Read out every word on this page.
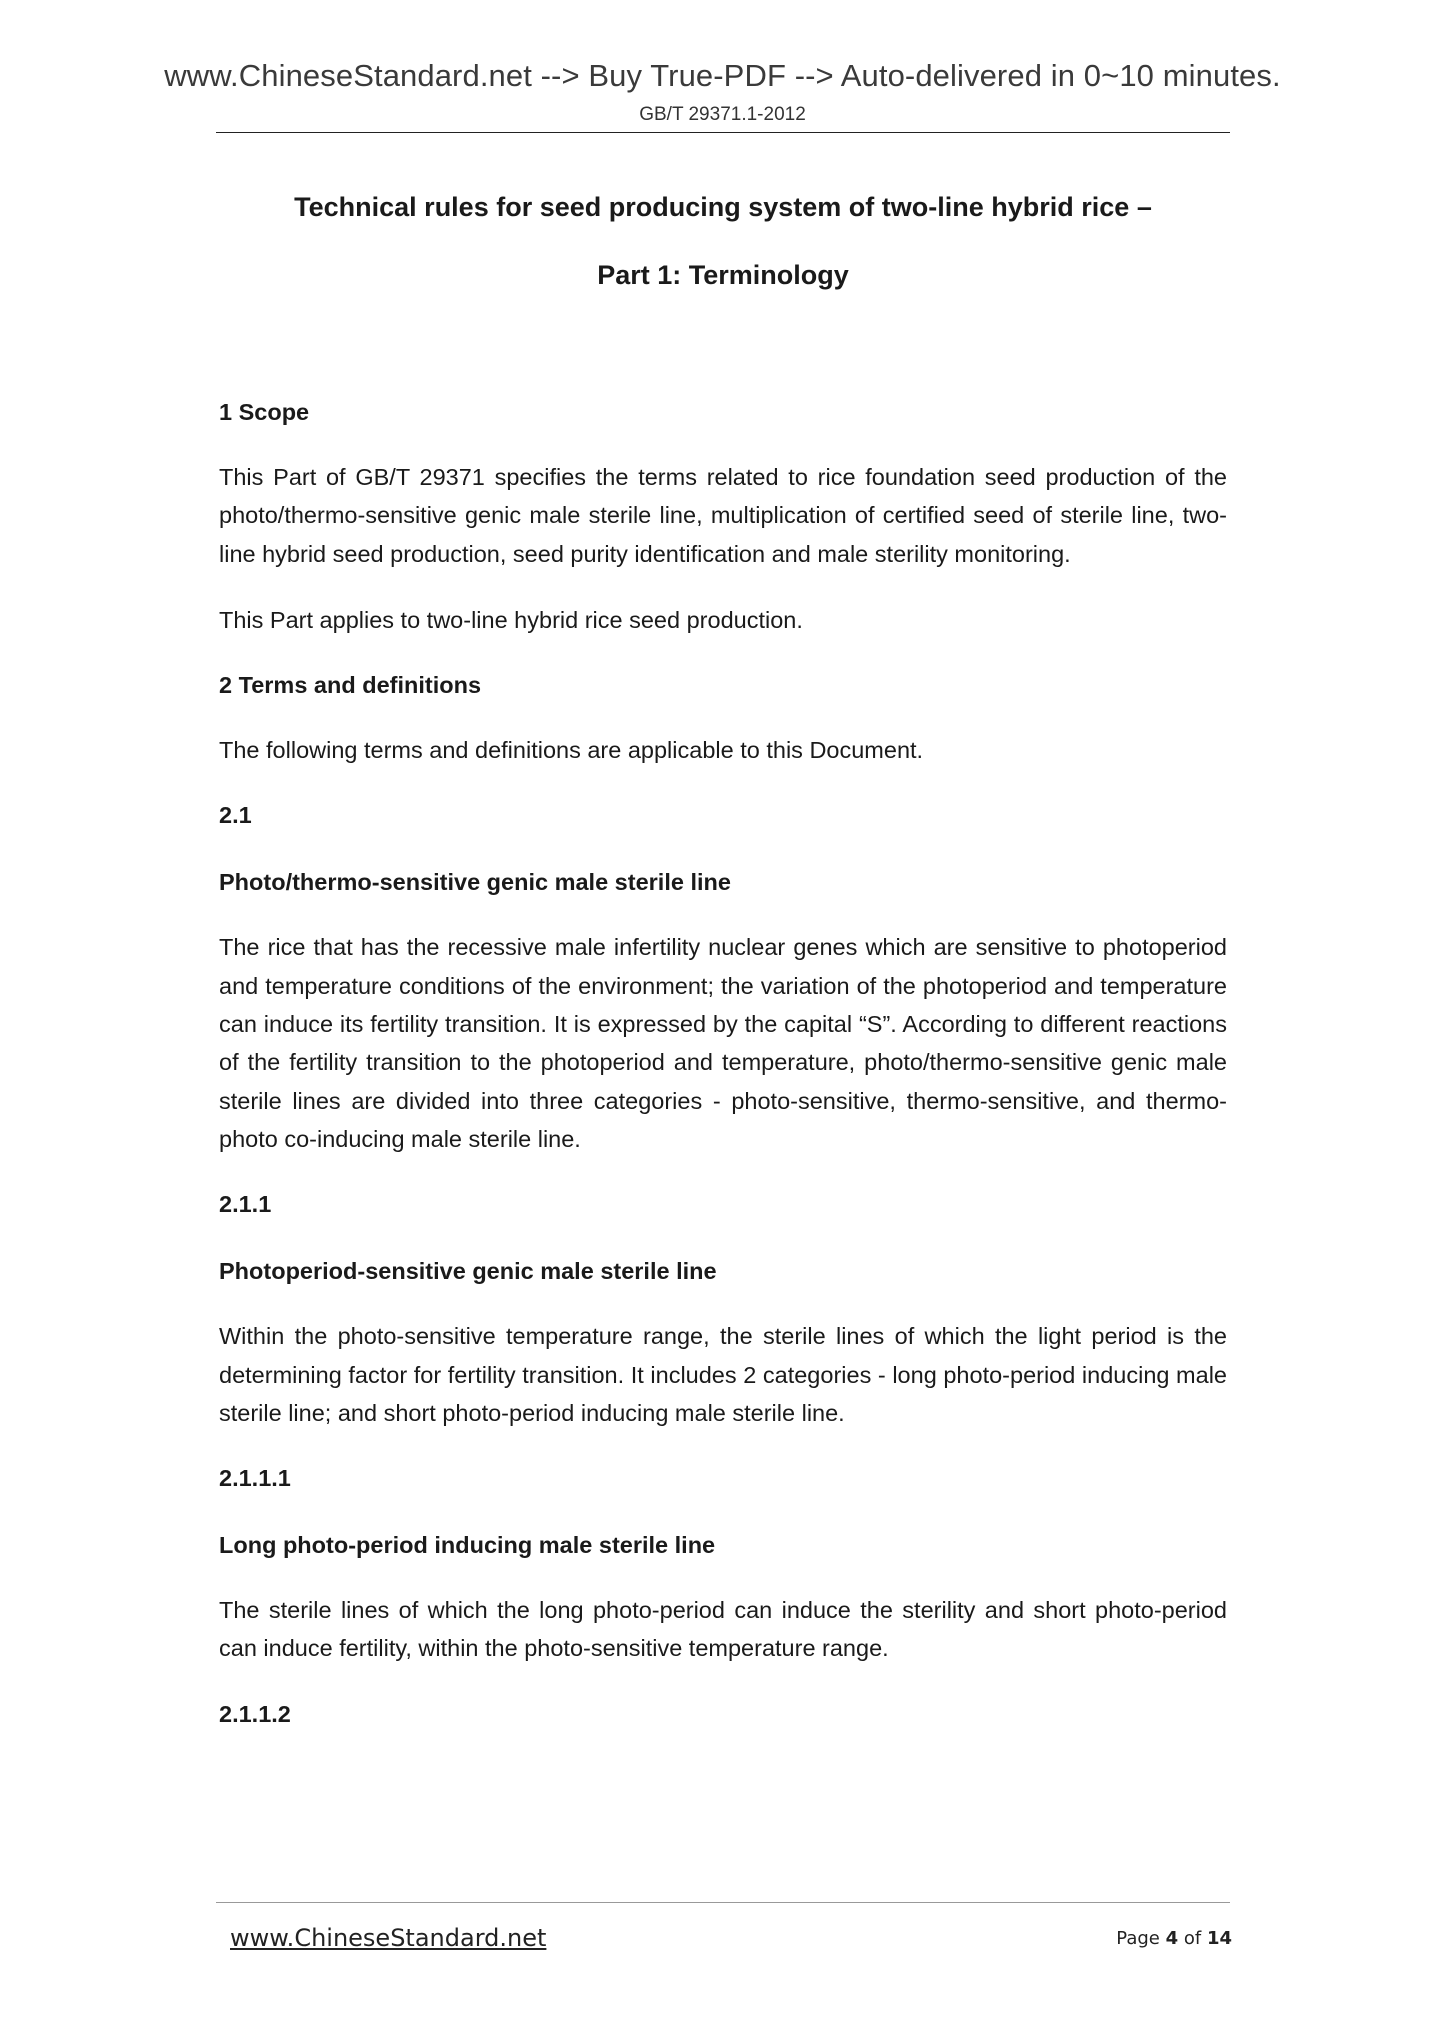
www.ChineseStandard.net --> Buy True-PDF --> Auto-delivered in 0~10 minutes.
GB/T 29371.1-2012
Technical rules for seed producing system of two-line hybrid rice –
Part 1: Terminology
1 Scope

This Part of GB/T 29371 specifies the terms related to rice foundation seed production of the photo/thermo-sensitive genic male sterile line, multiplication of certified seed of sterile line, two-line hybrid seed production, seed purity identification and male sterility monitoring.

This Part applies to two-line hybrid rice seed production.

2 Terms and definitions

The following terms and definitions are applicable to this Document.

2.1
Photo/thermo-sensitive genic male sterile line

The rice that has the recessive male infertility nuclear genes which are sensitive to photoperiod and temperature conditions of the environment; the variation of the photoperiod and temperature can induce its fertility transition. It is expressed by the capital “S”. According to different reactions of the fertility transition to the photoperiod and temperature, photo/thermo-sensitive genic male sterile lines are divided into three categories - photo-sensitive, thermo-sensitive, and thermo-photo co-inducing male sterile line.

2.1.1
Photoperiod-sensitive genic male sterile line

Within the photo-sensitive temperature range, the sterile lines of which the light period is the determining factor for fertility transition. It includes 2 categories - long photo-period inducing male sterile line; and short photo-period inducing male sterile line.

2.1.1.1
Long photo-period inducing male sterile line

The sterile lines of which the long photo-period can induce the sterility and short photo-period can induce fertility, within the photo-sensitive temperature range.

2.1.1.2
www.ChineseStandard.net	Page 4 of 14
